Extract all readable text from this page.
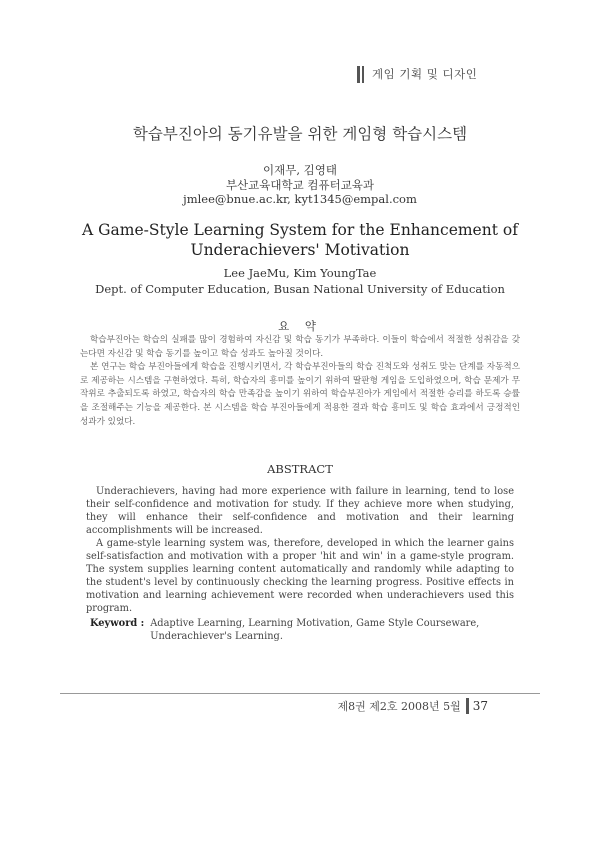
게임 기획 및 디자인
학습부진아의 동기유발을 위한 게임형 학습시스템
이재무, 김영태
부산교육대학교 컴퓨터교육과
jmlee@bnue.ac.kr, kyt1345@empal.com
A Game-Style Learning System for the Enhancement of Underachievers' Motivation
Lee JaeMu, Kim YoungTae
Dept. of Computer Education, Busan National University of Education
요 약

학습부진아는 학습의 실패를 많이 경험하여 자신감 및 학습 동기가 부족하다. 이들이 학습에서 적절한 성취감을 갖는다면 자신감 및 학습 동기를 높이고 학습 성과도 높아질 것이다.

본 연구는 학습 부진아들에게 학습을 진행시키면서, 각 학습부진아들의 학습 진척도와 성취도 맞는 단계를 자동적으로 제공하는 시스템을 구현하였다. 특히, 학습자의 흥미를 높이기 위하여 딸판형 게임을 도입하였으며, 학습 문제가 무작위로 추출되도록 하였고, 학습자의 학습 만족감을 높이기 위하여 학습부진아가 게임에서 적절한 승리를 하도록 승률을 조절해주는 기능을 제공한다. 본 시스템을 학습 부진아들에게 적용한 결과 학습 흥미도 및 학습 효과에서 긍정적인 성과가 있었다.

ABSTRACT

Underachievers, having had more experience with failure in learning, tend to lose their self-confidence and motivation for study. If they achieve more when studying, they will enhance their self-confidence and motivation and their learning accomplishments will be increased.

A game-style learning system was, therefore, developed in which the learner gains self-satisfaction and motivation with a proper 'hit and win' in a game-style program. The system supplies learning content automatically and randomly while adapting to the student's level by continuously checking the learning progress. Positive effects in motivation and learning achievement were recorded when underachievers used this program.

Keyword : Adaptive Learning, Learning Motivation, Game Style Courseware,
Underachiever's Learning.
제8권 제2호 2008년 5월 37
